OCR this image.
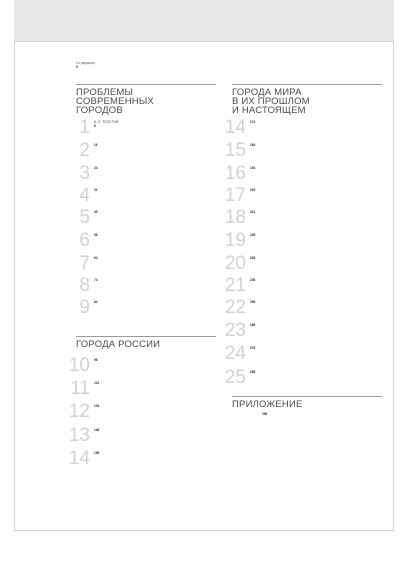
От редакции
6
ПРОБЛЕМЫ
СОВРЕМЕННЫХ
ГОРОДОВ
ГОРОДА МИРА
В ИХ ПРОШЛОМ
И НАСТОЯЩЕМ
ГОРОДА РОССИИ
ПРИЛОЖЕНИЕ
1 А. Л. ТОЛСТОЙ
8
2 16
3 24
4 32
5 40
6 58
7 64
8 74
9 84
10 96
11 122
12 134
13 146
14 158
14 174
15 184
16 194
17 204
18 214
19 226
20 236
21 246
22 256
23 266
24 276
25 286
296
